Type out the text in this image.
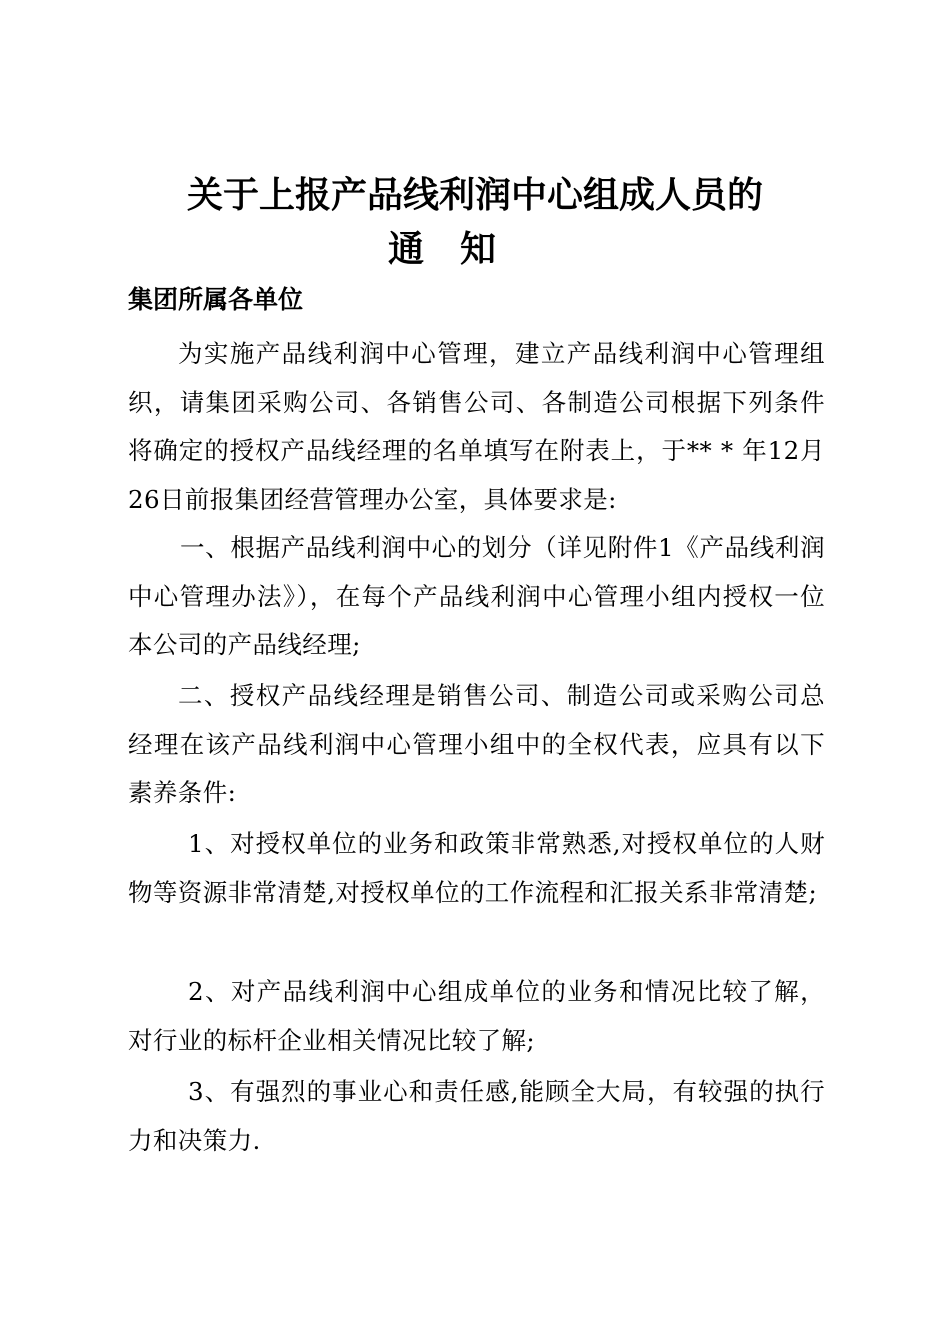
关于上报产品线利润中心组成人员的
通　知
集团所属各单位

为实施产品线利润中心管理，建立产品线利润中心管理组织，请集团采购公司、各销售公司、各制造公司根据下列条件将确定的授权产品线经理的名单填写在附表上，于** * 年12月26日前报集团经营管理办公室，具体要求是:

一、根据产品线利润中心的划分（详见附件1《产品线利润中心管理办法》），在每个产品线利润中心管理小组内授权一位本公司的产品线经理;

二、授权产品线经理是销售公司、制造公司或采购公司总经理在该产品线利润中心管理小组中的全权代表，应具有以下素养条件:

1、对授权单位的业务和政策非常熟悉,对授权单位的人财物等资源非常清楚,对授权单位的工作流程和汇报关系非常清楚;

2、对产品线利润中心组成单位的业务和情况比较了解，对行业的标杆企业相关情况比较了解;

3、有强烈的事业心和责任感,能顾全大局，有较强的执行力和决策力.
